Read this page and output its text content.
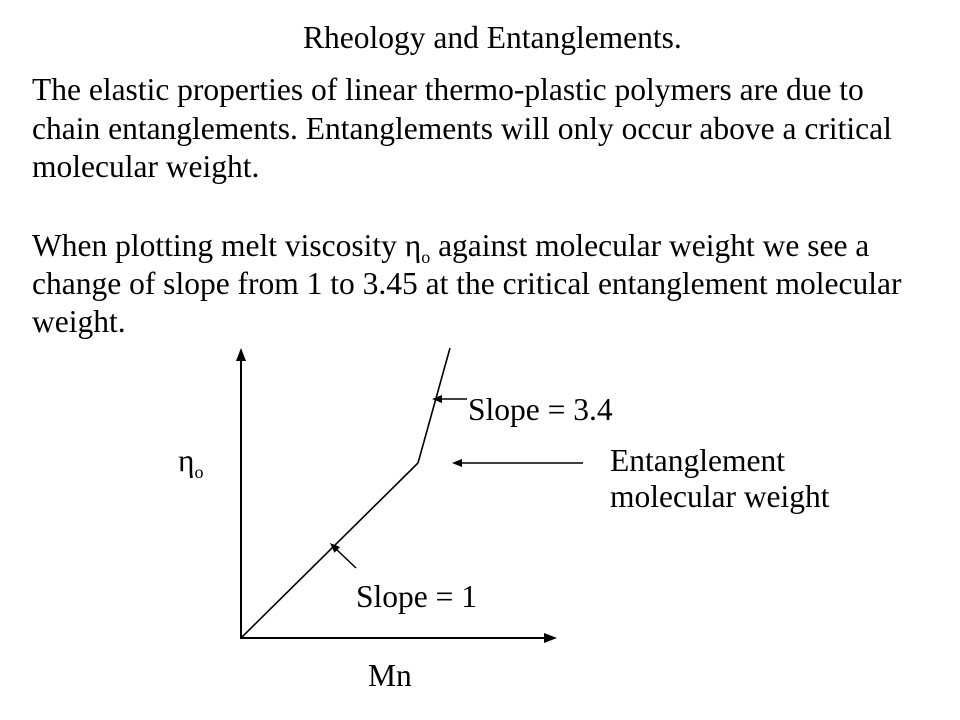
Rheology and Entanglements.
The elastic properties of linear thermo-plastic polymers are due to
chain entanglements. Entanglements will only occur above a critical
molecular weight.
When plotting melt viscosity $\eta_o$ against molecular weight we see a
change of slope from 1 to 3.45 at the critical entanglement molecular
weight.
$\eta_o$
Mn
Slope = 1
Slope = 3.4
Entanglement
molecular weight
